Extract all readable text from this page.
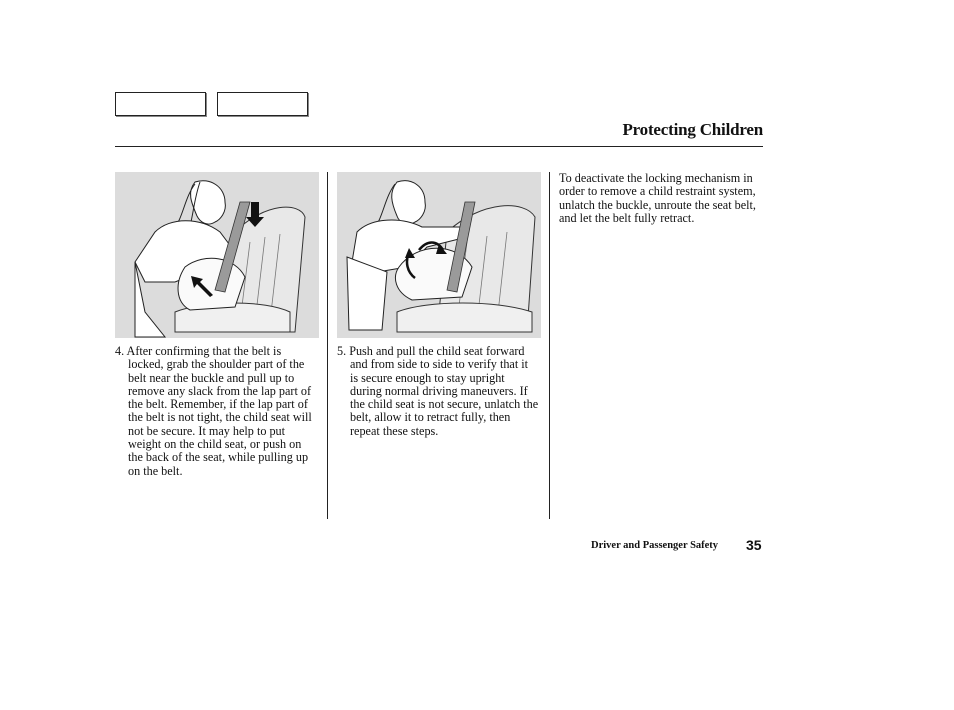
Protecting Children
4. After confirming that the belt is locked, grab the shoulder part of the belt near the buckle and pull up to remove any slack from the lap part of the belt. Remember, if the lap part of the belt is not tight, the child seat will not be secure. It may help to put weight on the child seat, or push on the back of the seat, while pulling up on the belt.
5. Push and pull the child seat forward and from side to side to verify that it is secure enough to stay upright during normal driving maneuvers. If the child seat is not secure, unlatch the belt, allow it to retract fully, then repeat these steps.
To deactivate the locking mechanism in order to remove a child restraint system, unlatch the buckle, unroute the seat belt, and let the belt fully retract.
Driver and Passenger Safety 35
